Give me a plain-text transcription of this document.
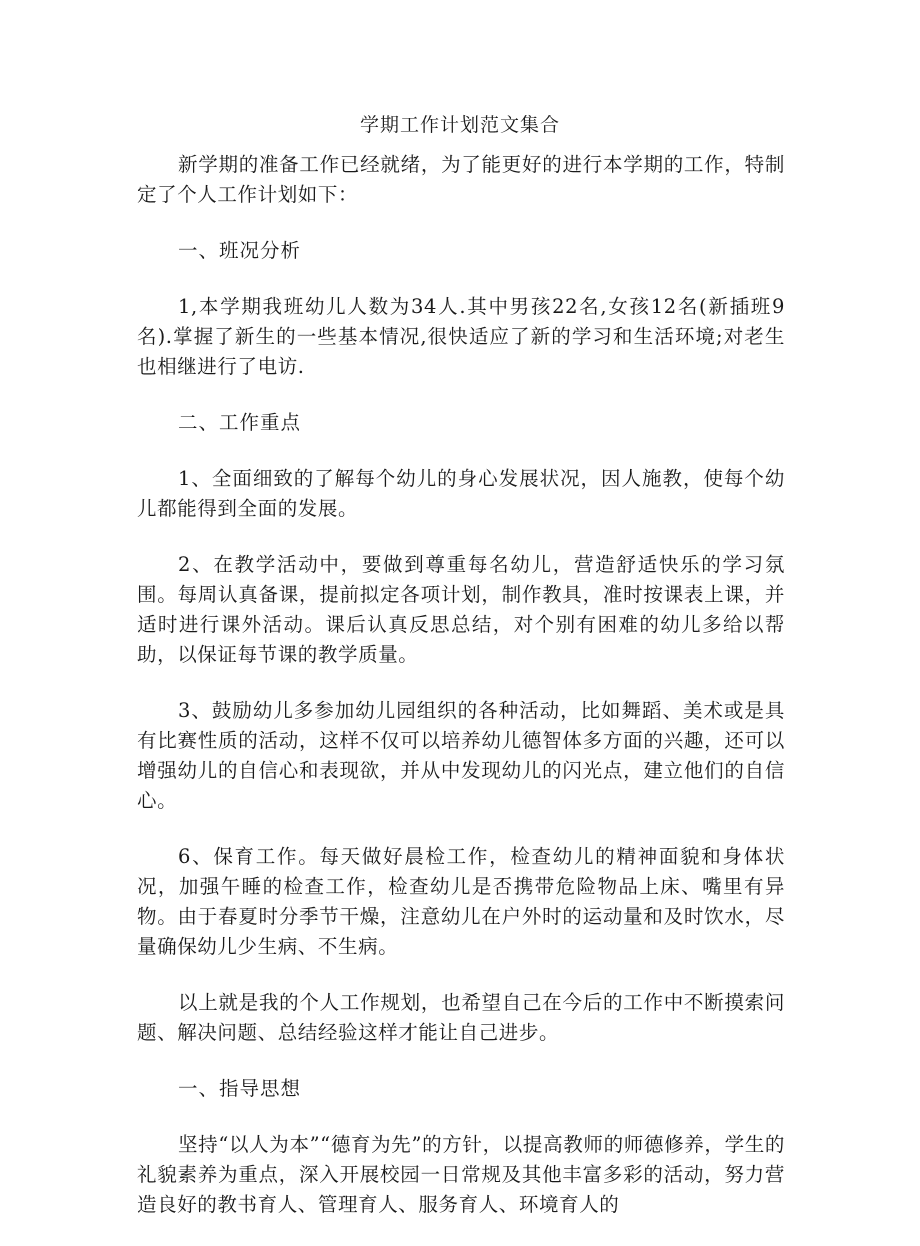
学期工作计划范文集合

新学期的准备工作已经就绪，为了能更好的进行本学期的工作，特制定了个人工作计划如下：

一、班况分析

1,本学期我班幼儿人数为34人.其中男孩22名,女孩12名(新插班9名).掌握了新生的一些基本情况,很快适应了新的学习和生活环境;对老生也相继进行了电访.

二、工作重点

1、全面细致的了解每个幼儿的身心发展状况，因人施教，使每个幼儿都能得到全面的发展。

2、在教学活动中，要做到尊重每名幼儿，营造舒适快乐的学习氛围。每周认真备课，提前拟定各项计划，制作教具，准时按课表上课，并适时进行课外活动。课后认真反思总结，对个别有困难的幼儿多给以帮助，以保证每节课的教学质量。

3、鼓励幼儿多参加幼儿园组织的各种活动，比如舞蹈、美术或是具有比赛性质的活动，这样不仅可以培养幼儿德智体多方面的兴趣，还可以增强幼儿的自信心和表现欲，并从中发现幼儿的闪光点，建立他们的自信心。

6、保育工作。每天做好晨检工作，检查幼儿的精神面貌和身体状况，加强午睡的检查工作，检查幼儿是否携带危险物品上床、嘴里有异物。由于春夏时分季节干燥，注意幼儿在户外时的运动量和及时饮水，尽量确保幼儿少生病、不生病。

以上就是我的个人工作规划，也希望自己在今后的工作中不断摸索问题、解决问题、总结经验这样才能让自己进步。

一、指导思想

坚持“以人为本”“德育为先”的方针，以提高教师的师德修养，学生的礼貌素养为重点，深入开展校园一日常规及其他丰富多彩的活动，努力营造良好的教书育人、管理育人、服务育人、环境育人的
